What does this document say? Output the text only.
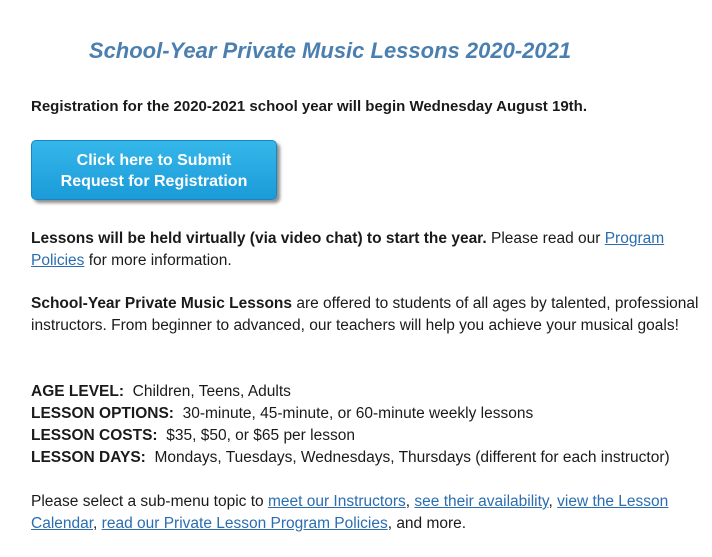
School-Year Private Music Lessons 2020-2021

Registration for the 2020-2021 school year will begin Wednesday August 19th.

Click here to Submit
Request for Registration

Lessons will be held virtually (via video chat) to start the year. Please read our Program Policies for more information.

School-Year Private Music Lessons are offered to students of all ages by talented, professional instructors. From beginner to advanced, our teachers will help you achieve your musical goals!

AGE LEVEL: Children, Teens, Adults
LESSON OPTIONS: 30-minute, 45-minute, or 60-minute weekly lessons
LESSON COSTS: $35, $50, or $65 per lesson
LESSON DAYS: Mondays, Tuesdays, Wednesdays, Thursdays (different for each instructor)

Please select a sub-menu topic to meet our Instructors, see their availability, view the Lesson Calendar, read our Private Lesson Program Policies, and more.
